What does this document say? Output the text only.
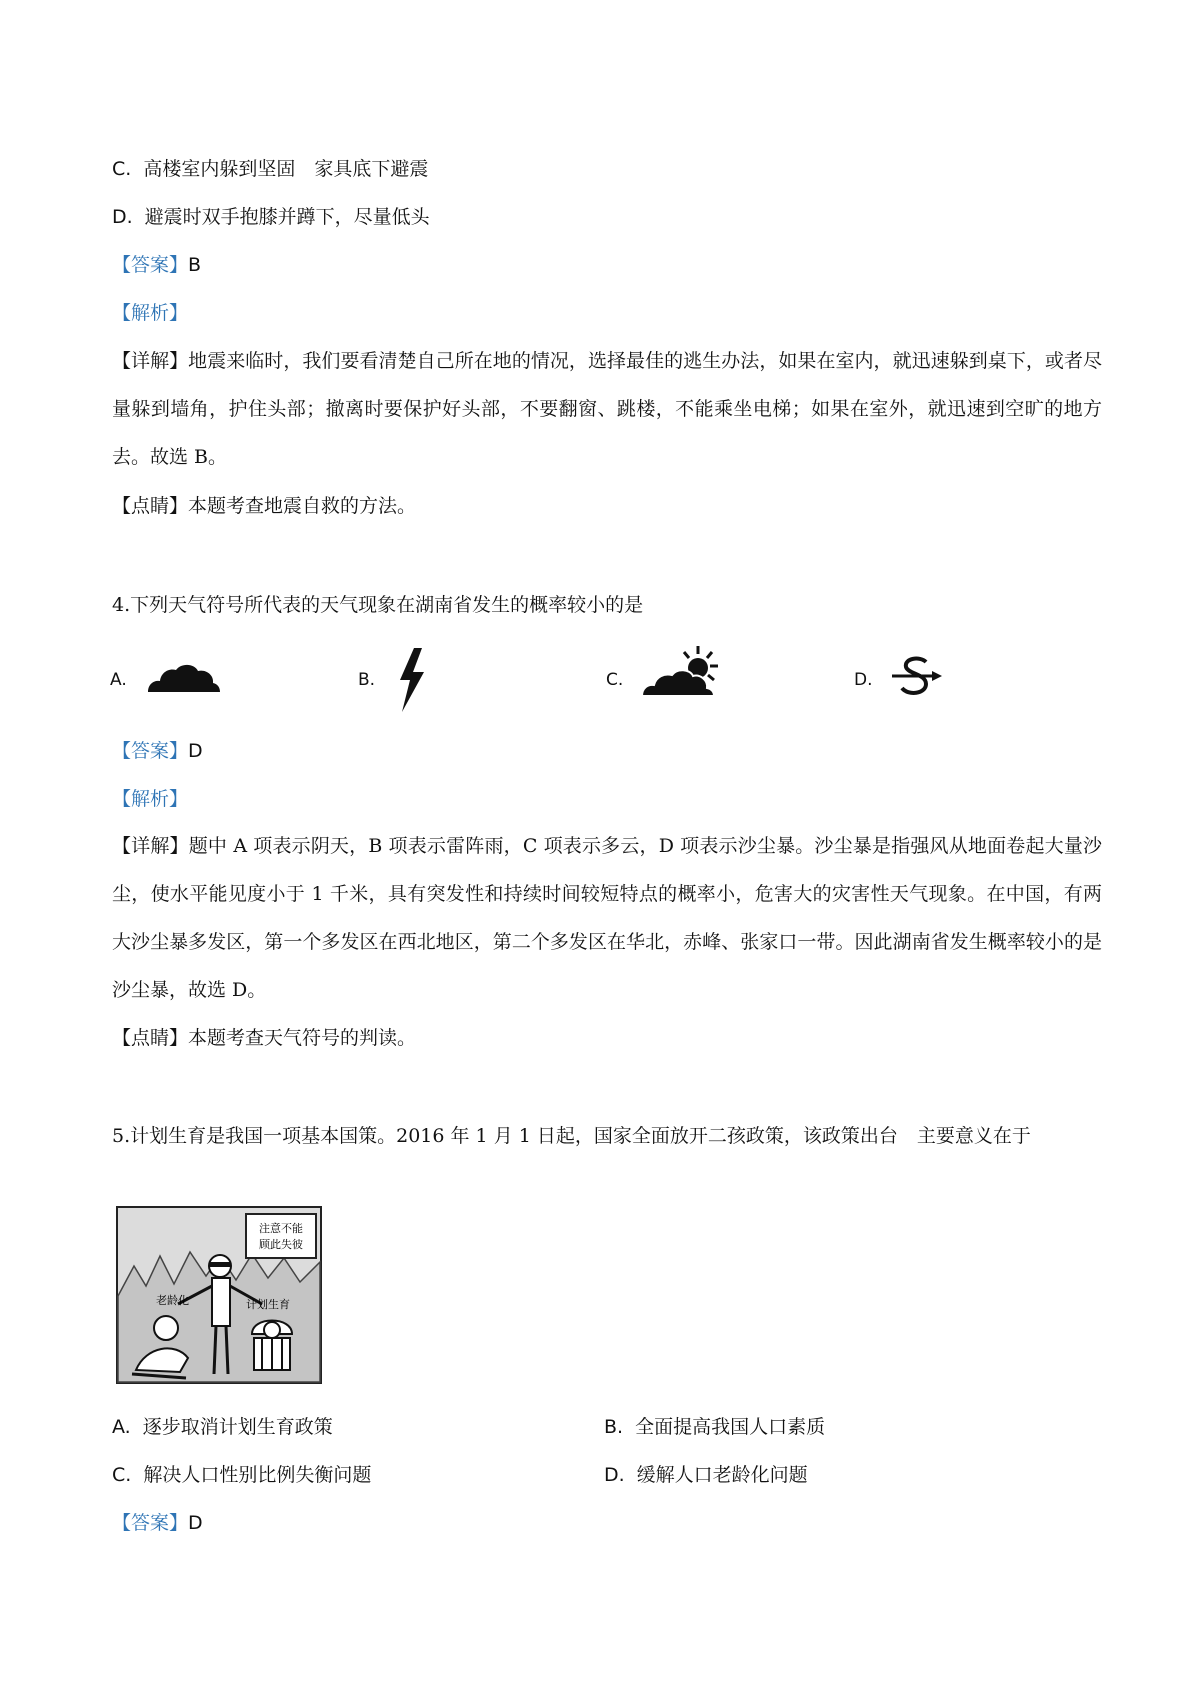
C. 高楼室内躲到坚固　家具底下避震
D. 避震时双手抱膝并蹲下，尽量低头
【答案】B
【解析】
【详解】地震来临时，我们要看清楚自己所在地的情况，选择最佳的逃生办法，如果在室内，就迅速躲到桌下，或者尽量躲到墙角，护住头部；撤离时要保护好头部，不要翻窗、跳楼，不能乘坐电梯；如果在室外，就迅速到空旷的地方去。故选 B。
【点睛】本题考查地震自救的方法。
4.下列天气符号所代表的天气现象在湖南省发生的概率较小的是
A.	B.	C.	D.
【答案】D
【解析】
【详解】题中 A 项表示阴天，B 项表示雷阵雨，C 项表示多云，D 项表示沙尘暴。沙尘暴是指强风从地面卷起大量沙尘，使水平能见度小于 1 千米，具有突发性和持续时间较短特点的概率小，危害大的灾害性天气现象。在中国，有两大沙尘暴多发区，第一个多发区在西北地区，第二个多发区在华北，赤峰、张家口一带。因此湖南省发生概率较小的是沙尘暴，故选 D。
【点睛】本题考查天气符号的判读。
5.计划生育是我国一项基本国策。2016 年 1 月 1 日起，国家全面放开二孩政策，该政策出台　主要意义在于
注意不能
顾此失彼
老龄化	计划生育
A. 逐步取消计划生育政策	B. 全面提高我国人口素质
C. 解决人口性别比例失衡问题	D. 缓解人口老龄化问题
【答案】D
